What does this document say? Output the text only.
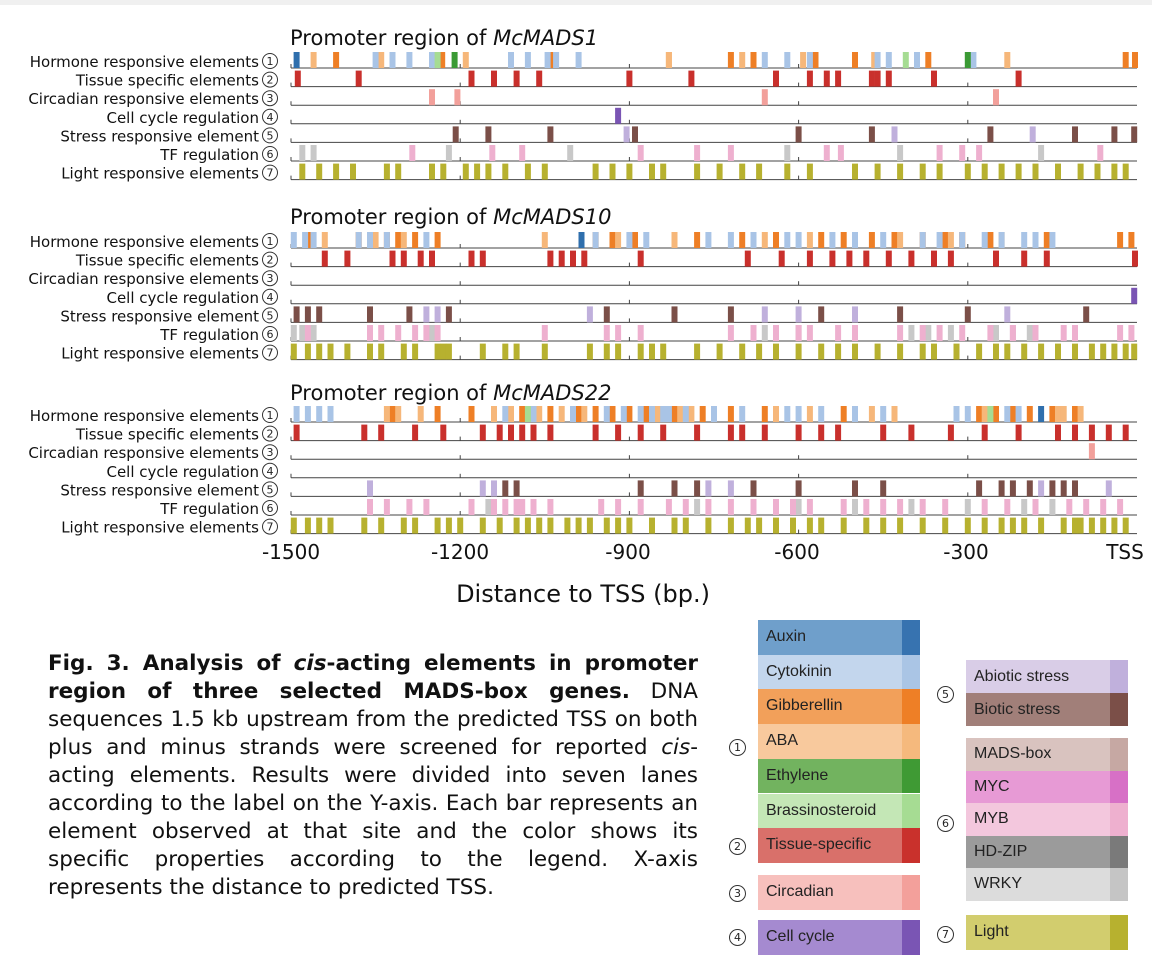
1
Hormone responsive elements
2
Tissue specific elements
3
Circadian responsive elements
4
Cell cycle regulation
5
Stress responsive element
6
TF regulation
7
Light responsive elements
1
Hormone responsive elements
2
Tissue specific elements
3
Circadian responsive elements
4
Cell cycle regulation
5
Stress responsive element
6
TF regulation
7
Light responsive elements
1
Hormone responsive elements
2
Tissue specific elements
3
Circadian responsive elements
4
Cell cycle regulation
5
Stress responsive element
6
TF regulation
7
Light responsive elements
Promoter region of McMADS1
Promoter region of McMADS10
Promoter region of McMADS22
-1500	-1200	-900	-600	-300	TSS
Distance to TSS (bp.)
Fig. 3. Analysis of cis-acting elements in promoter region of three selected MADS-box genes. DNA sequences 1.5 kb upstream from the predicted TSS on both plus and minus strands were screened for reported cis-acting elements. Results were divided into seven lanes according to the label on the Y-axis. Each bar represents an element observed at that site and the color shows its specific properties according to the legend. X-axis represents the distance to predicted TSS.
1
Auxin
Cytokinin
Gibberellin
ABA
Ethylene
Brassinosteroid
2	Tissue-specific
3	Circadian
4	Cell cycle
5
Abiotic stress
Biotic stress
6
MADS-box
MYC
MYB
HD-ZIP
WRKY
7	Light
